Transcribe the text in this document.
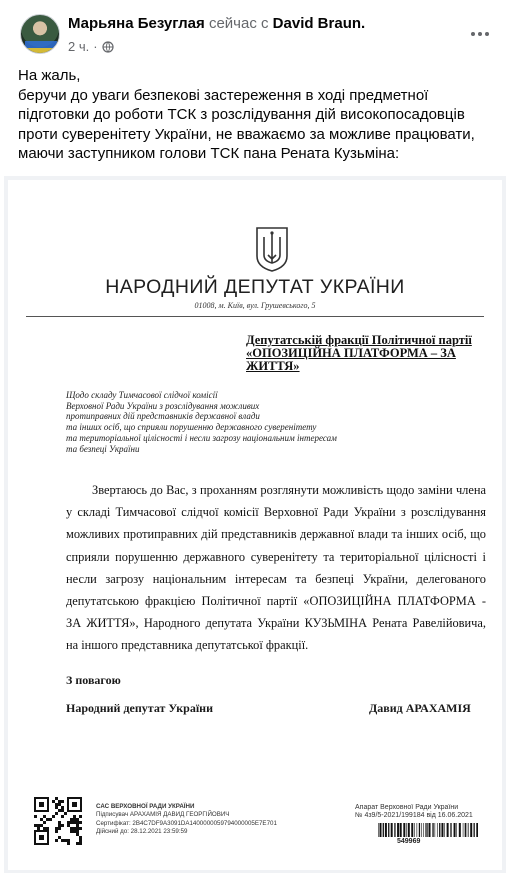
Марьяна Безуглая сейчас с David Braun.
2 ч. ·

На жаль,

беручи до уваги безпекові застереження в ході предметної підготовки до роботи ТСК з розслідування дій високопосадовців проти суверенітету України, не вважаємо за можливе працювати, маючи заступником голови ТСК пана Рената Кузьміна:

НАРОДНИЙ ДЕПУТАТ УКРАЇНИ
01008, м. Київ, вул. Грушевського, 5
Депутатській фракції Політичної партії
«ОПОЗИЦІЙНА ПЛАТФОРМА – ЗА
ЖИТТЯ»
Щодо складу Тимчасової слідчої комісії
Верховної Ради України з розслідування можливих
протиправних дій представників державної влади
та інших осіб, що сприяли порушенню державного суверенітету
та територіальної цілісності і несли загрозу національним інтересам
та безпеці України
Звертаюсь до Вас, з проханням розглянути можливість щодо заміни члена у складі Тимчасової слідчої комісії Верховної Ради України з розслідування можливих протиправних дій представників державної влади та інших осіб, що сприяли порушенню державного суверенітету та територіальної цілісності і несли загрозу національним інтересам та безпеці України, делегованого депутатською фракцією Політичної партії «ОПОЗИЦІЙНА ПЛАТФОРМА - ЗА ЖИТТЯ», Народного депутата України КУЗЬМІНА Рената Равелійовича, на іншого представника депутатської фракції.
З повагою
Народний депутат України	Давид АРАХАМІЯ
САС ВЕРХОВНОЇ РАДИ УКРАЇНИ
Підписувач АРАХАМІЯ ДАВИД ГЕОРГІЙОВИЧ
Сертифікат: 2B4C7DF9A3091DA1400000059794000005E7E701
Дійсний до: 28.12.2021 23:59:59
Апарат Верховної Ради України
№ 4з9/5-2021/199184 від 16.06.2021
549969
